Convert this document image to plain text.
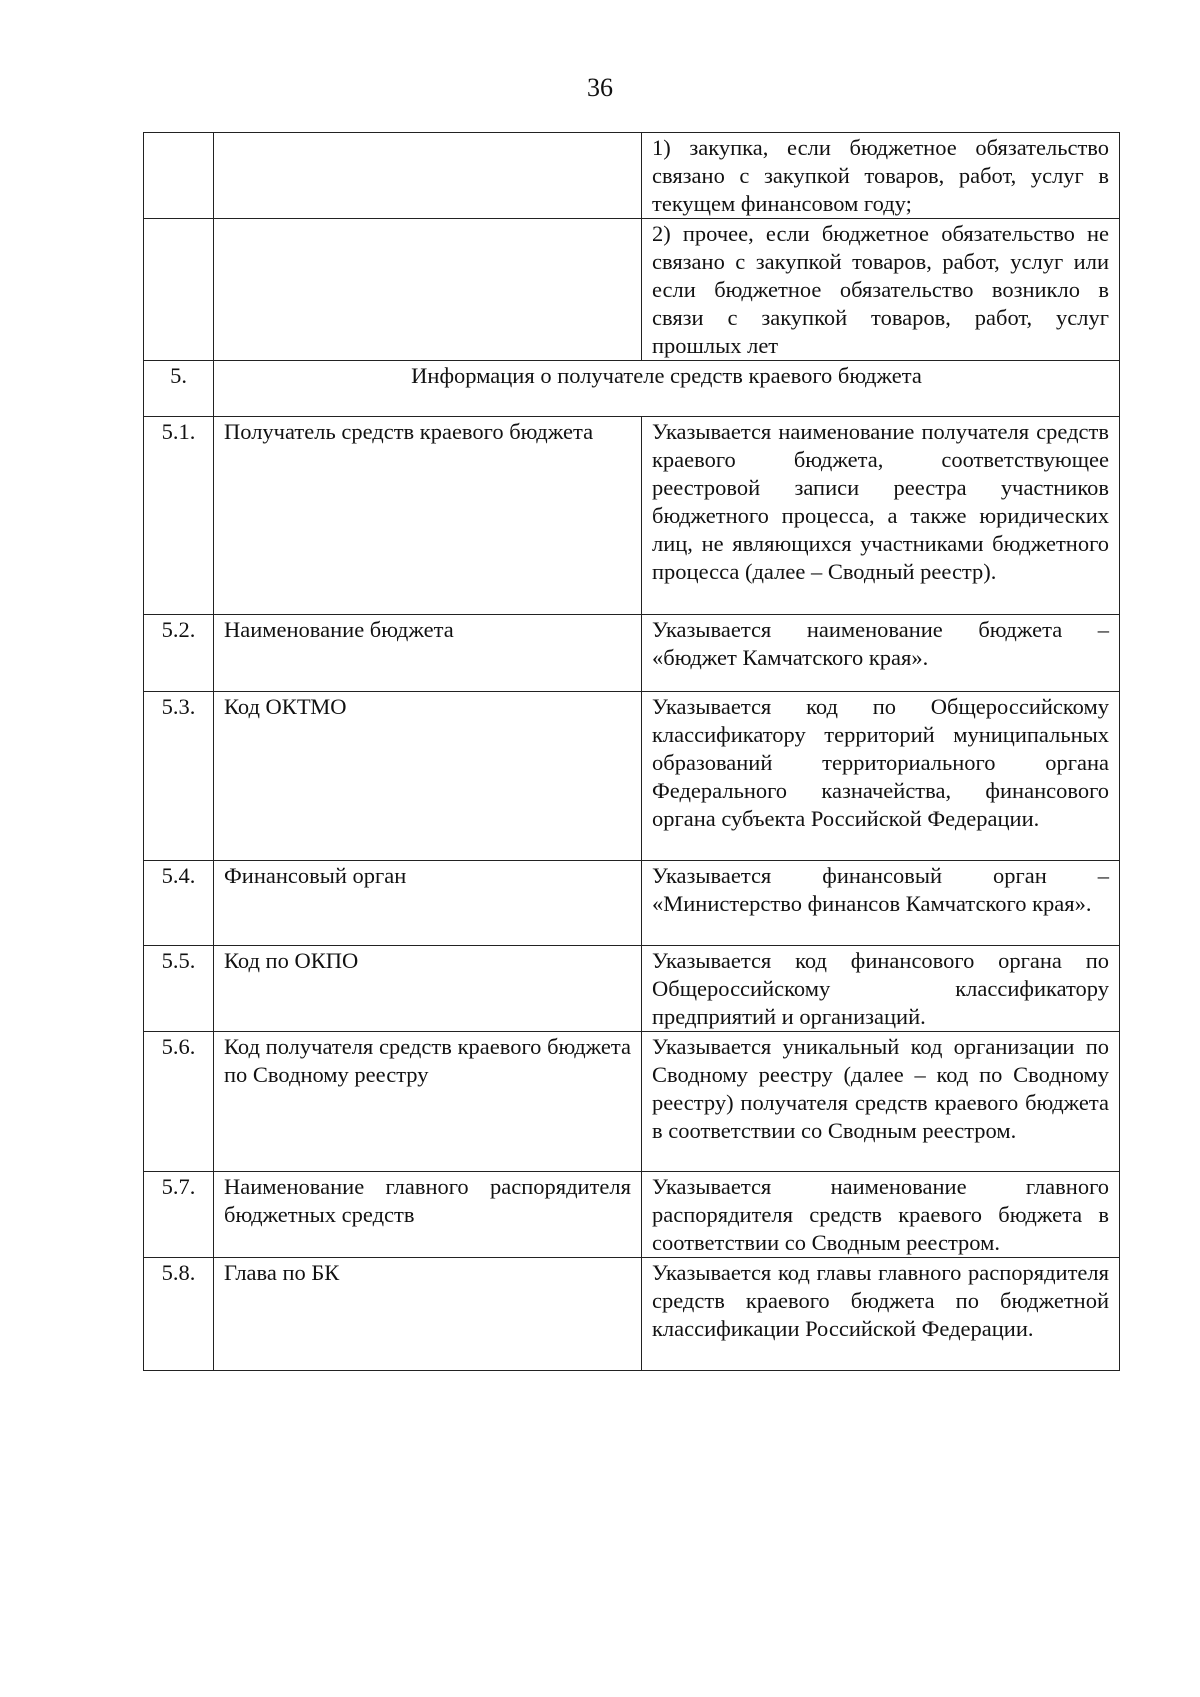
36
		1) закупка, если бюджетное обязательство связано с закупкой товаров, работ, услуг в текущем финансовом году;
		2) прочее, если бюджетное обязательство не связано с закупкой товаров, работ, услуг или если бюджетное обязательство возникло в связи с закупкой товаров, работ, услуг прошлых лет
5.	Информация о получателе средств краевого бюджета	
5.1.	Получатель средств краевого бюджета	Указывается наименование получателя средств краевого бюджета, соответствующее реестровой записи реестра участников бюджетного процесса, а также юридических лиц, не являющихся участниками бюджетного процесса (далее – Сводный реестр).
5.2.	Наименование бюджета	Указывается наименование бюджета – «бюджет Камчатского края».
5.3.	Код ОКТМО	Указывается код по Общероссийскому классификатору территорий муниципальных образований территориального органа Федерального казначейства, финансового органа субъекта Российской Федерации.
5.4.	Финансовый орган	Указывается финансовый орган – «Министерство финансов Камчатского края».
5.5.	Код по ОКПО	Указывается код финансового органа по Общероссийскому классификатору предприятий и организаций.
5.6.	Код получателя средств краевого бюджета по Сводному реестру	Указывается уникальный код организации по Сводному реестру (далее – код по Сводному реестру) получателя средств краевого бюджета в соответствии со Сводным реестром.
5.7.	Наименование главного распорядителя бюджетных средств	Указывается наименование главного распорядителя средств краевого бюджета в соответствии со Сводным реестром.
5.8.	Глава по БК	Указывается код главы главного распорядителя средств краевого бюджета по бюджетной классификации Российской Федерации.
